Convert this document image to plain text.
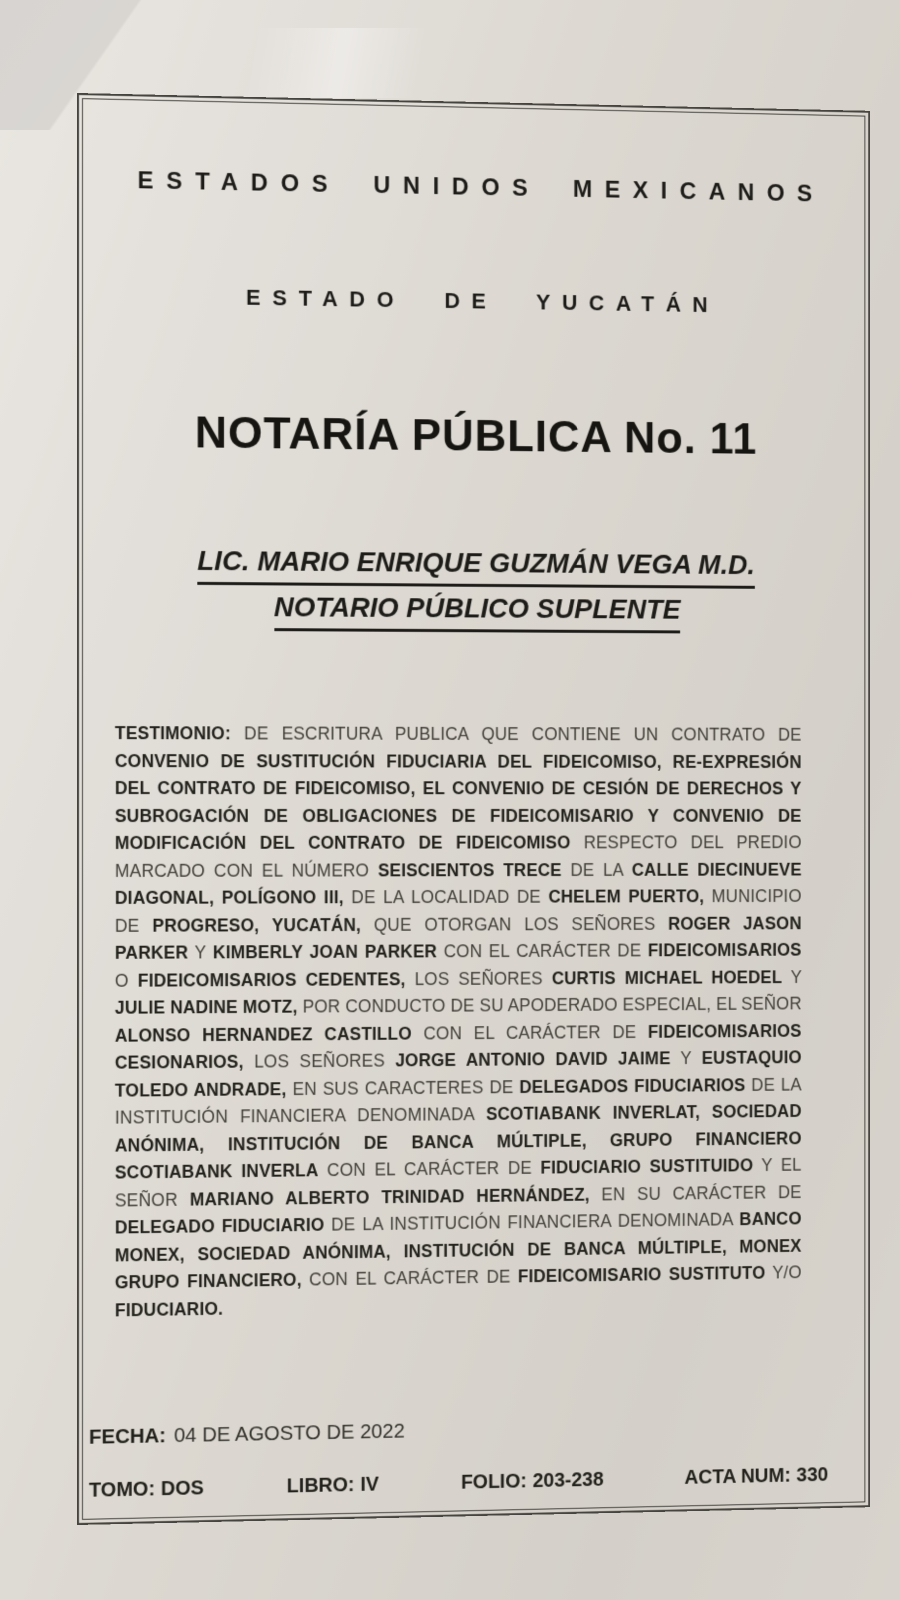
ESTADOS UNIDOS MEXICANOS
ESTADO DE YUCATÁN
NOTARÍA PÚBLICA No. 11
LIC. MARIO ENRIQUE GUZMÁN VEGA M.D.
NOTARIO PÚBLICO SUPLENTE

TESTIMONIO: DE ESCRITURA PUBLICA QUE CONTIENE UN CONTRATO DE CONVENIO DE SUSTITUCIÓN FIDUCIARIA DEL FIDEICOMISO, RE-EXPRESIÓN DEL CONTRATO DE FIDEICOMISO, EL CONVENIO DE CESIÓN DE DERECHOS Y SUBROGACIÓN DE OBLIGACIONES DE FIDEICOMISARIO Y CONVENIO DE MODIFICACIÓN DEL CONTRATO DE FIDEICOMISO RESPECTO DEL PREDIO MARCADO CON EL NÚMERO SEISCIENTOS TRECE DE LA CALLE DIECINUEVE DIAGONAL, POLÍGONO III, DE LA LOCALIDAD DE CHELEM PUERTO, MUNICIPIO DE PROGRESO, YUCATÁN, QUE OTORGAN LOS SEÑORES ROGER JASON PARKER Y KIMBERLY JOAN PARKER CON EL CARÁCTER DE FIDEICOMISARIOS O FIDEICOMISARIOS CEDENTES, LOS SEÑORES CURTIS MICHAEL HOEDEL Y JULIE NADINE MOTZ, POR CONDUCTO DE SU APODERADO ESPECIAL, EL SEÑOR ALONSO HERNANDEZ CASTILLO CON EL CARÁCTER DE FIDEICOMISARIOS CESIONARIOS, LOS SEÑORES JORGE ANTONIO DAVID JAIME Y EUSTAQUIO TOLEDO ANDRADE, EN SUS CARACTERES DE DELEGADOS FIDUCIARIOS DE LA INSTITUCIÓN FINANCIERA DENOMINADA SCOTIABANK INVERLAT, SOCIEDAD ANÓNIMA, INSTITUCIÓN DE BANCA MÚLTIPLE, GRUPO FINANCIERO SCOTIABANK INVERLA CON EL CARÁCTER DE FIDUCIARIO SUSTITUIDO Y EL SEÑOR MARIANO ALBERTO TRINIDAD HERNÁNDEZ, EN SU CARÁCTER DE DELEGADO FIDUCIARIO DE LA INSTITUCIÓN FINANCIERA DENOMINADA BANCO MONEX, SOCIEDAD ANÓNIMA, INSTITUCIÓN DE BANCA MÚLTIPLE, MONEX GRUPO FINANCIERO, CON EL CARÁCTER DE FIDEICOMISARIO SUSTITUTO Y/O FIDUCIARIO.

FECHA: 04 DE AGOSTO DE 2022
TOMO: DOS	LIBRO: IV	FOLIO: 203-238	ACTA NUM: 330
